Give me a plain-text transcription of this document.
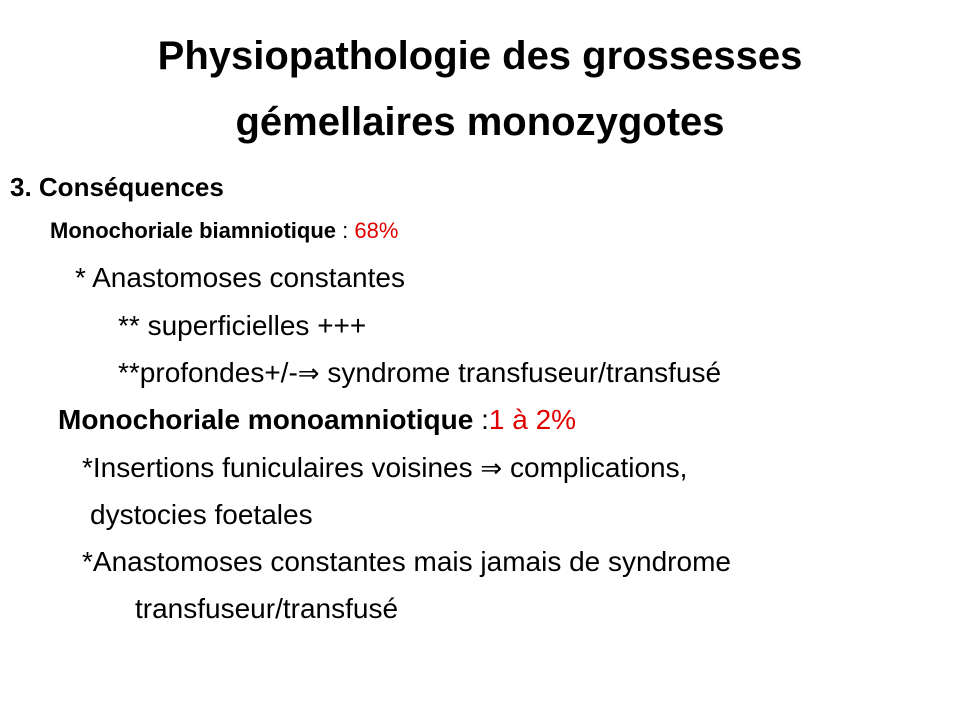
Physiopathologie des grossesses
gémellaires monozygotes
3. Conséquences
Monochoriale biamniotique : 68%
* Anastomoses constantes
** superficielles +++
**profondes+/-⇒ syndrome transfuseur/transfusé
Monochoriale monoamniotique :1 à 2%
*Insertions funiculaires voisines ⇒ complications,
dystocies foetales
*Anastomoses constantes mais jamais de syndrome
transfuseur/transfusé
